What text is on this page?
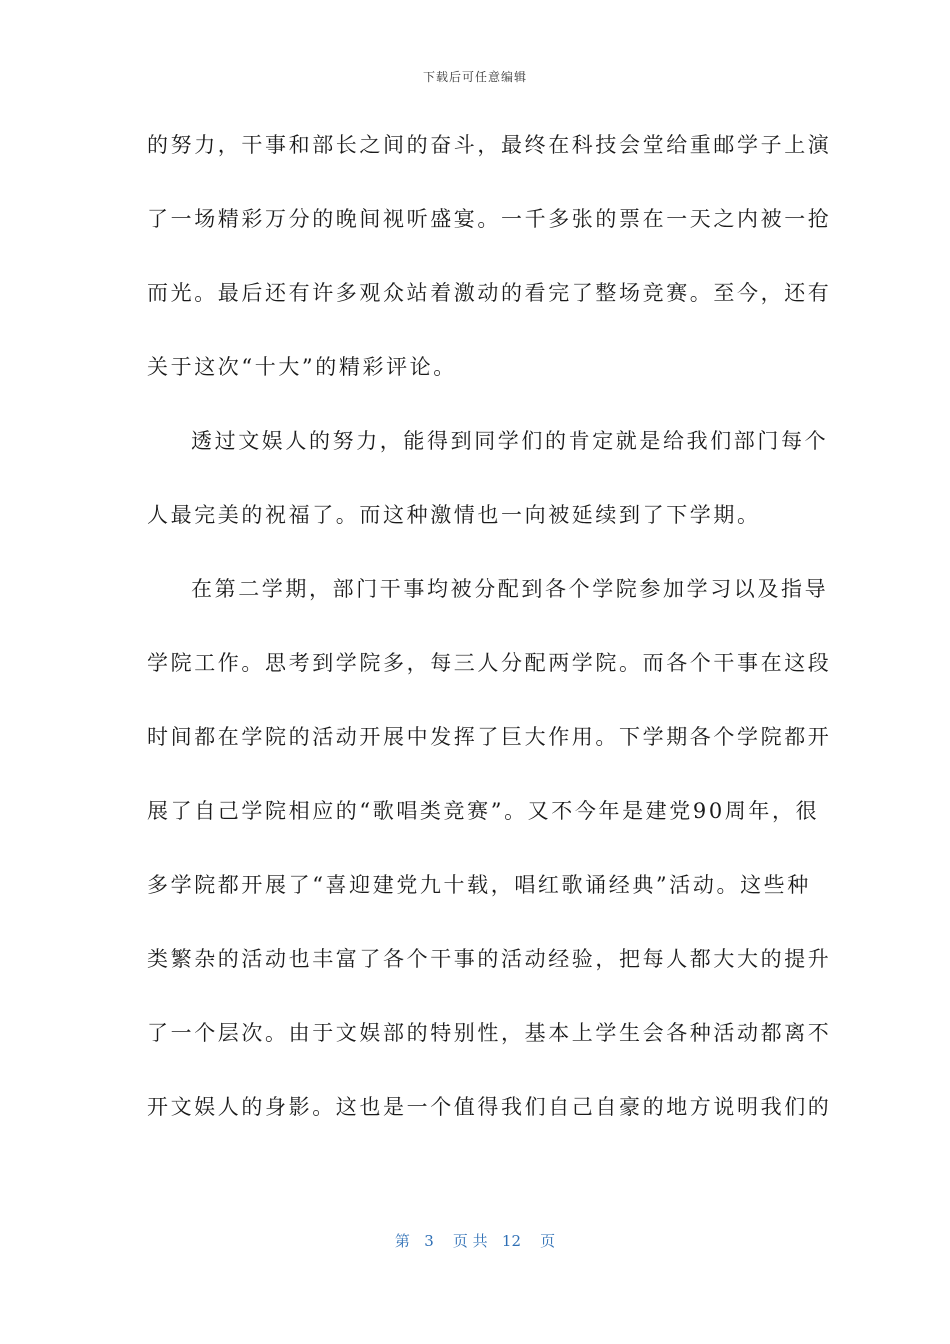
下载后可任意编辑
的努力，干事和部长之间的奋斗，最终在科技会堂给重邮学子上演
了一场精彩万分的晚间视听盛宴。一千多张的票在一天之内被一抢
而光。最后还有许多观众站着激动的看完了整场竞赛。至今，还有
关于这次“十大”的精彩评论。
透过文娱人的努力，能得到同学们的肯定就是给我们部门每个
人最完美的祝福了。而这种激情也一向被延续到了下学期。
在第二学期，部门干事均被分配到各个学院参加学习以及指导
学院工作。思考到学院多，每三人分配两学院。而各个干事在这段
时间都在学院的活动开展中发挥了巨大作用。下学期各个学院都开
展了自己学院相应的“歌唱类竞赛”。又不今年是建党90周年，很
多学院都开展了“喜迎建党九十载，唱红歌诵经典”活动。这些种
类繁杂的活动也丰富了各个干事的活动经验，把每人都大大的提升
了一个层次。由于文娱部的特别性，基本上学生会各种活动都离不
开文娱人的身影。这也是一个值得我们自己自豪的地方说明我们的
第   3    页 共   12    页
